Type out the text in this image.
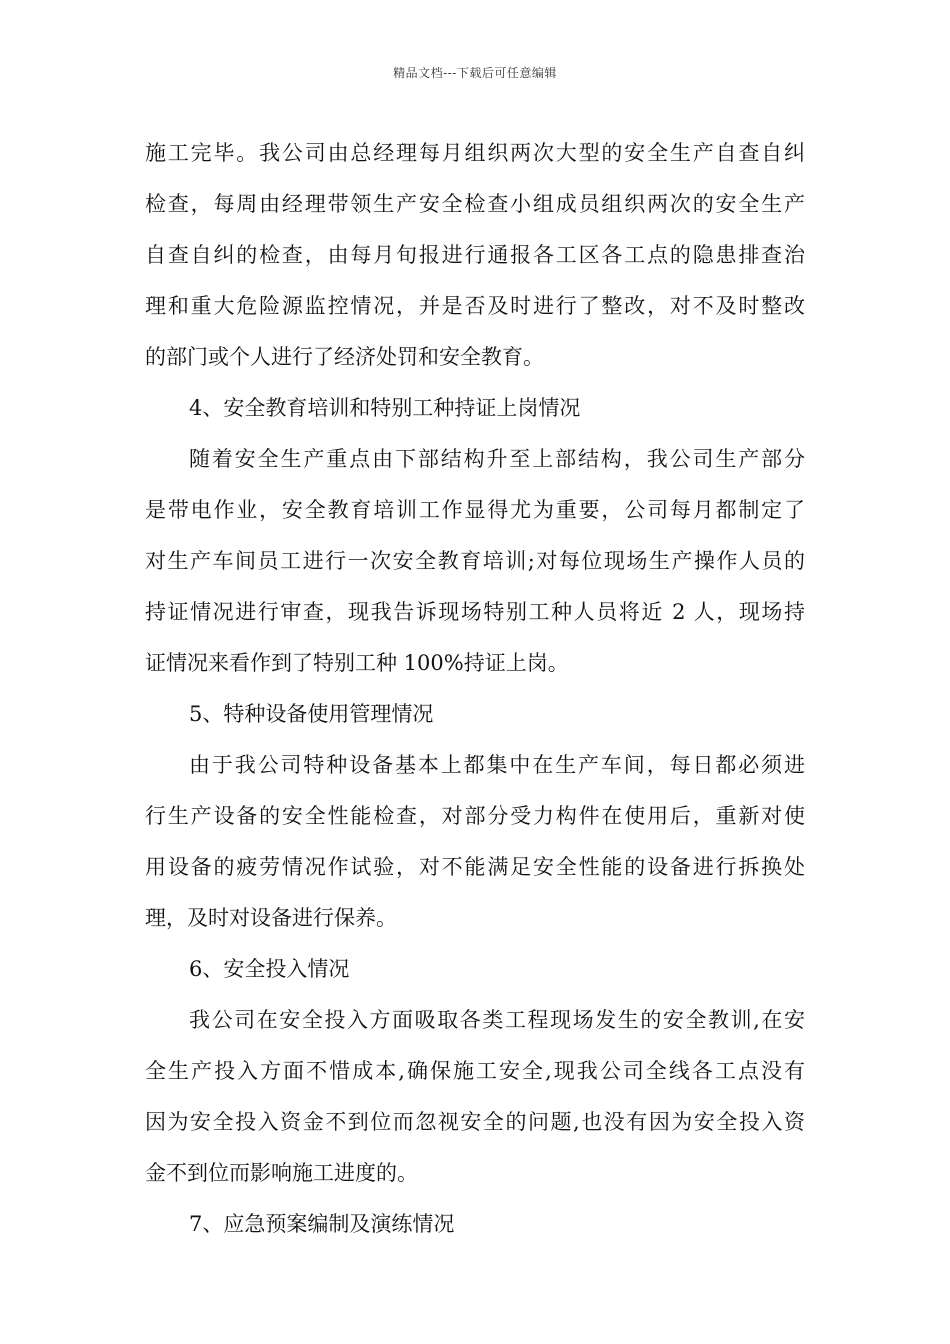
精品文档---下载后可任意编辑
施工完毕。我公司由总经理每月组织两次大型的安全生产自查自纠
检查，每周由经理带领生产安全检查小组成员组织两次的安全生产
自查自纠的检查，由每月旬报进行通报各工区各工点的隐患排查治
理和重大危险源监控情况，并是否及时进行了整改，对不及时整改
的部门或个人进行了经济处罚和安全教育。
4、安全教育培训和特别工种持证上岗情况
随着安全生产重点由下部结构升至上部结构，我公司生产部分
是带电作业，安全教育培训工作显得尤为重要，公司每月都制定了
对生产车间员工进行一次安全教育培训;对每位现场生产操作人员的
持证情况进行审查，现我告诉现场特别工种人员将近 2 人，现场持
证情况来看作到了特别工种 100%持证上岗。
5、特种设备使用管理情况
由于我公司特种设备基本上都集中在生产车间，每日都必须进
行生产设备的安全性能检查，对部分受力构件在使用后，重新对使
用设备的疲劳情况作试验，对不能满足安全性能的设备进行拆换处
理，及时对设备进行保养。
6、安全投入情况
我公司在安全投入方面吸取各类工程现场发生的安全教训,在安
全生产投入方面不惜成本,确保施工安全,现我公司全线各工点没有
因为安全投入资金不到位而忽视安全的问题,也没有因为安全投入资
金不到位而影响施工进度的。
7、应急预案编制及演练情况
